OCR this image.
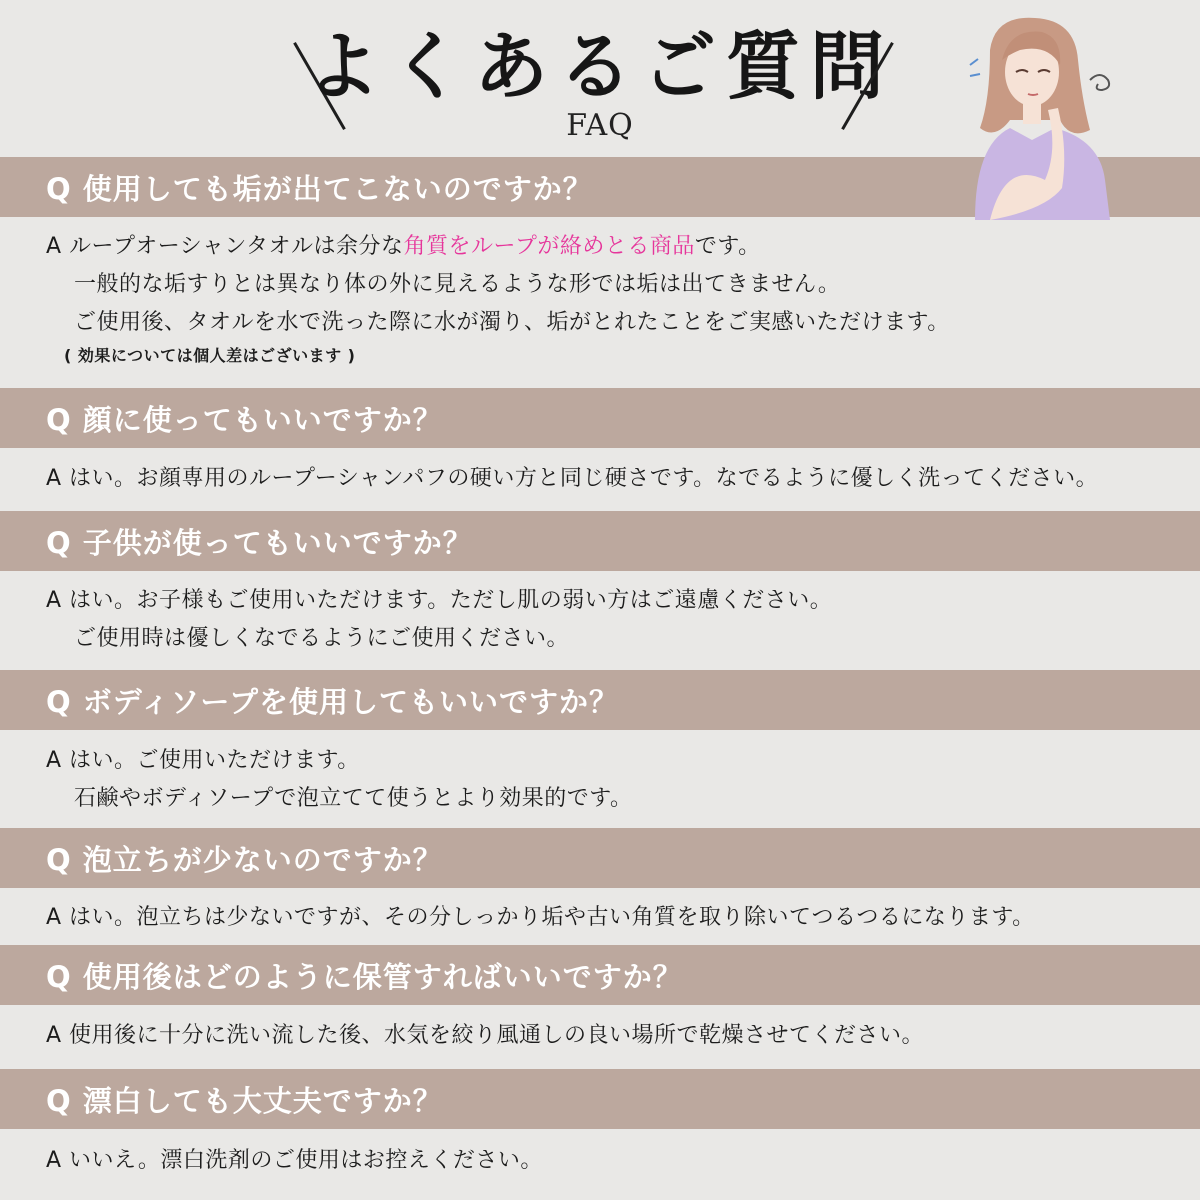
よくあるご質問
FAQ
Q 使用しても垢が出てこないのですか？
A ループオーシャンタオルは余分な角質をループが絡めとる商品です。
一般的な垢すりとは異なり体の外に見えるような形では垢は出てきません。
ご使用後、タオルを水で洗った際に水が濁り、垢がとれたことをご実感いただけます。
( 効果については個人差はございます )
Q 顔に使ってもいいですか？
A はい。お顔専用のループーシャンパフの硬い方と同じ硬さです。なでるように優しく洗ってください。
Q 子供が使ってもいいですか？
A はい。お子様もご使用いただけます。ただし肌の弱い方はご遠慮ください。
ご使用時は優しくなでるようにご使用ください。
Q ボディソープを使用してもいいですか？
A はい。ご使用いただけます。
石鹸やボディソープで泡立てて使うとより効果的です。
Q 泡立ちが少ないのですか？
A はい。泡立ちは少ないですが、その分しっかり垢や古い角質を取り除いてつるつるになります。
Q 使用後はどのように保管すればいいですか？
A 使用後に十分に洗い流した後、水気を絞り風通しの良い場所で乾燥させてください。
Q 漂白しても大丈夫ですか？
A いいえ。漂白洗剤のご使用はお控えください。
